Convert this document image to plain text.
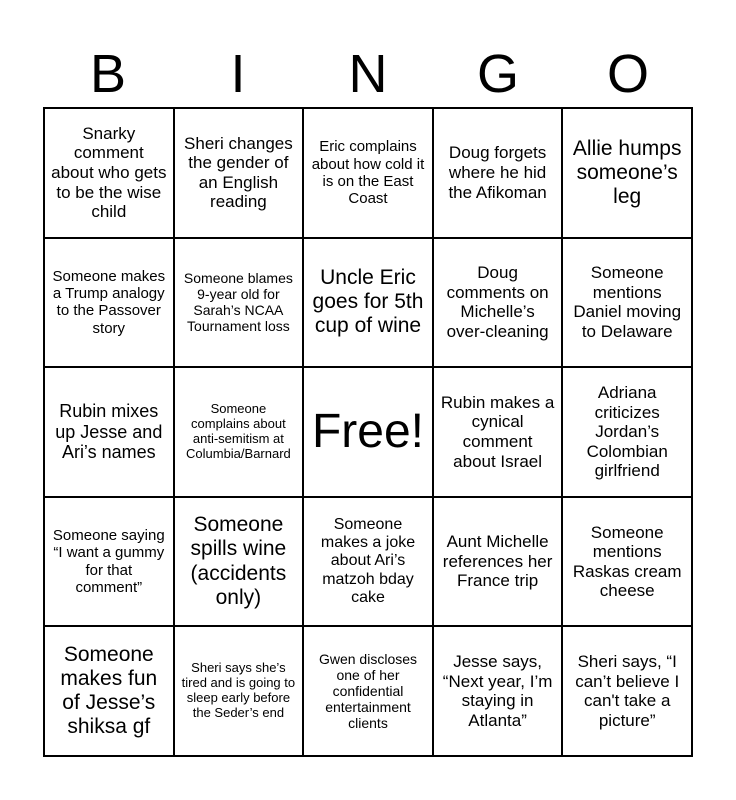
B	I	N	G	O
Snarky comment about who gets to be the wise child
Sheri changes the gender of an English reading
Eric complains about how cold it is on the East Coast
Doug forgets where he hid the Afikoman
Allie humps someone’s leg
Someone makes a Trump analogy to the Passover story
Someone blames 9-year old for Sarah’s NCAA Tournament loss
Uncle Eric goes for 5th cup of wine
Doug comments on Michelle’s over-cleaning
Someone mentions Daniel moving to Delaware
Rubin mixes up Jesse and Ari’s names
Someone complains about anti-semitism at Columbia/Barnard Free!
Rubin makes a cynical comment about Israel
Adriana criticizes Jordan’s Colombian girlfriend
Someone saying “I want a gummy for that comment”
Someone spills wine (accidents only)
Someone makes a joke about Ari’s matzoh bday cake
Aunt Michelle references her France trip
Someone mentions Raskas cream cheese
Someone makes fun of Jesse’s shiksa gf
Sheri says she’s tired and is going to sleep early before the Seder’s end
Gwen discloses one of her confidential entertainment clients
Jesse says, “Next year, I’m staying in Atlanta”
Sheri says, “I can’t believe I can't take a picture”
